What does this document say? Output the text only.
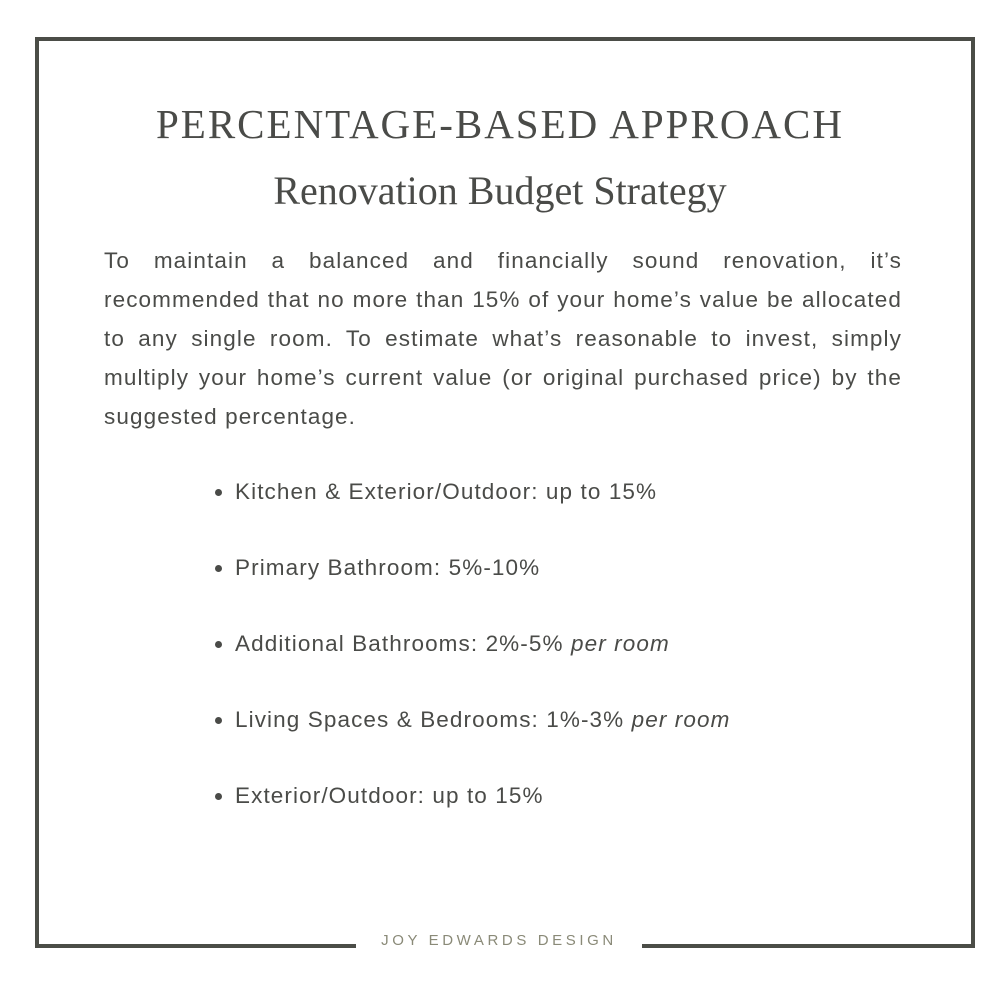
PERCENTAGE-BASED APPROACH
Renovation Budget Strategy

To maintain a balanced and financially sound renovation, it’s recommended that no more than 15% of your home’s value be allocated to any single room. To estimate what’s reasonable to invest, simply multiply your home’s current value (or original purchased price) by the suggested percentage.

Kitchen & Exterior/Outdoor: up to 15%
Primary Bathroom: 5%-10%
Additional Bathrooms: 2%-5% per room
Living Spaces & Bedrooms: 1%-3% per room
Exterior/Outdoor: up to 15%
JOY EDWARDS DESIGN
